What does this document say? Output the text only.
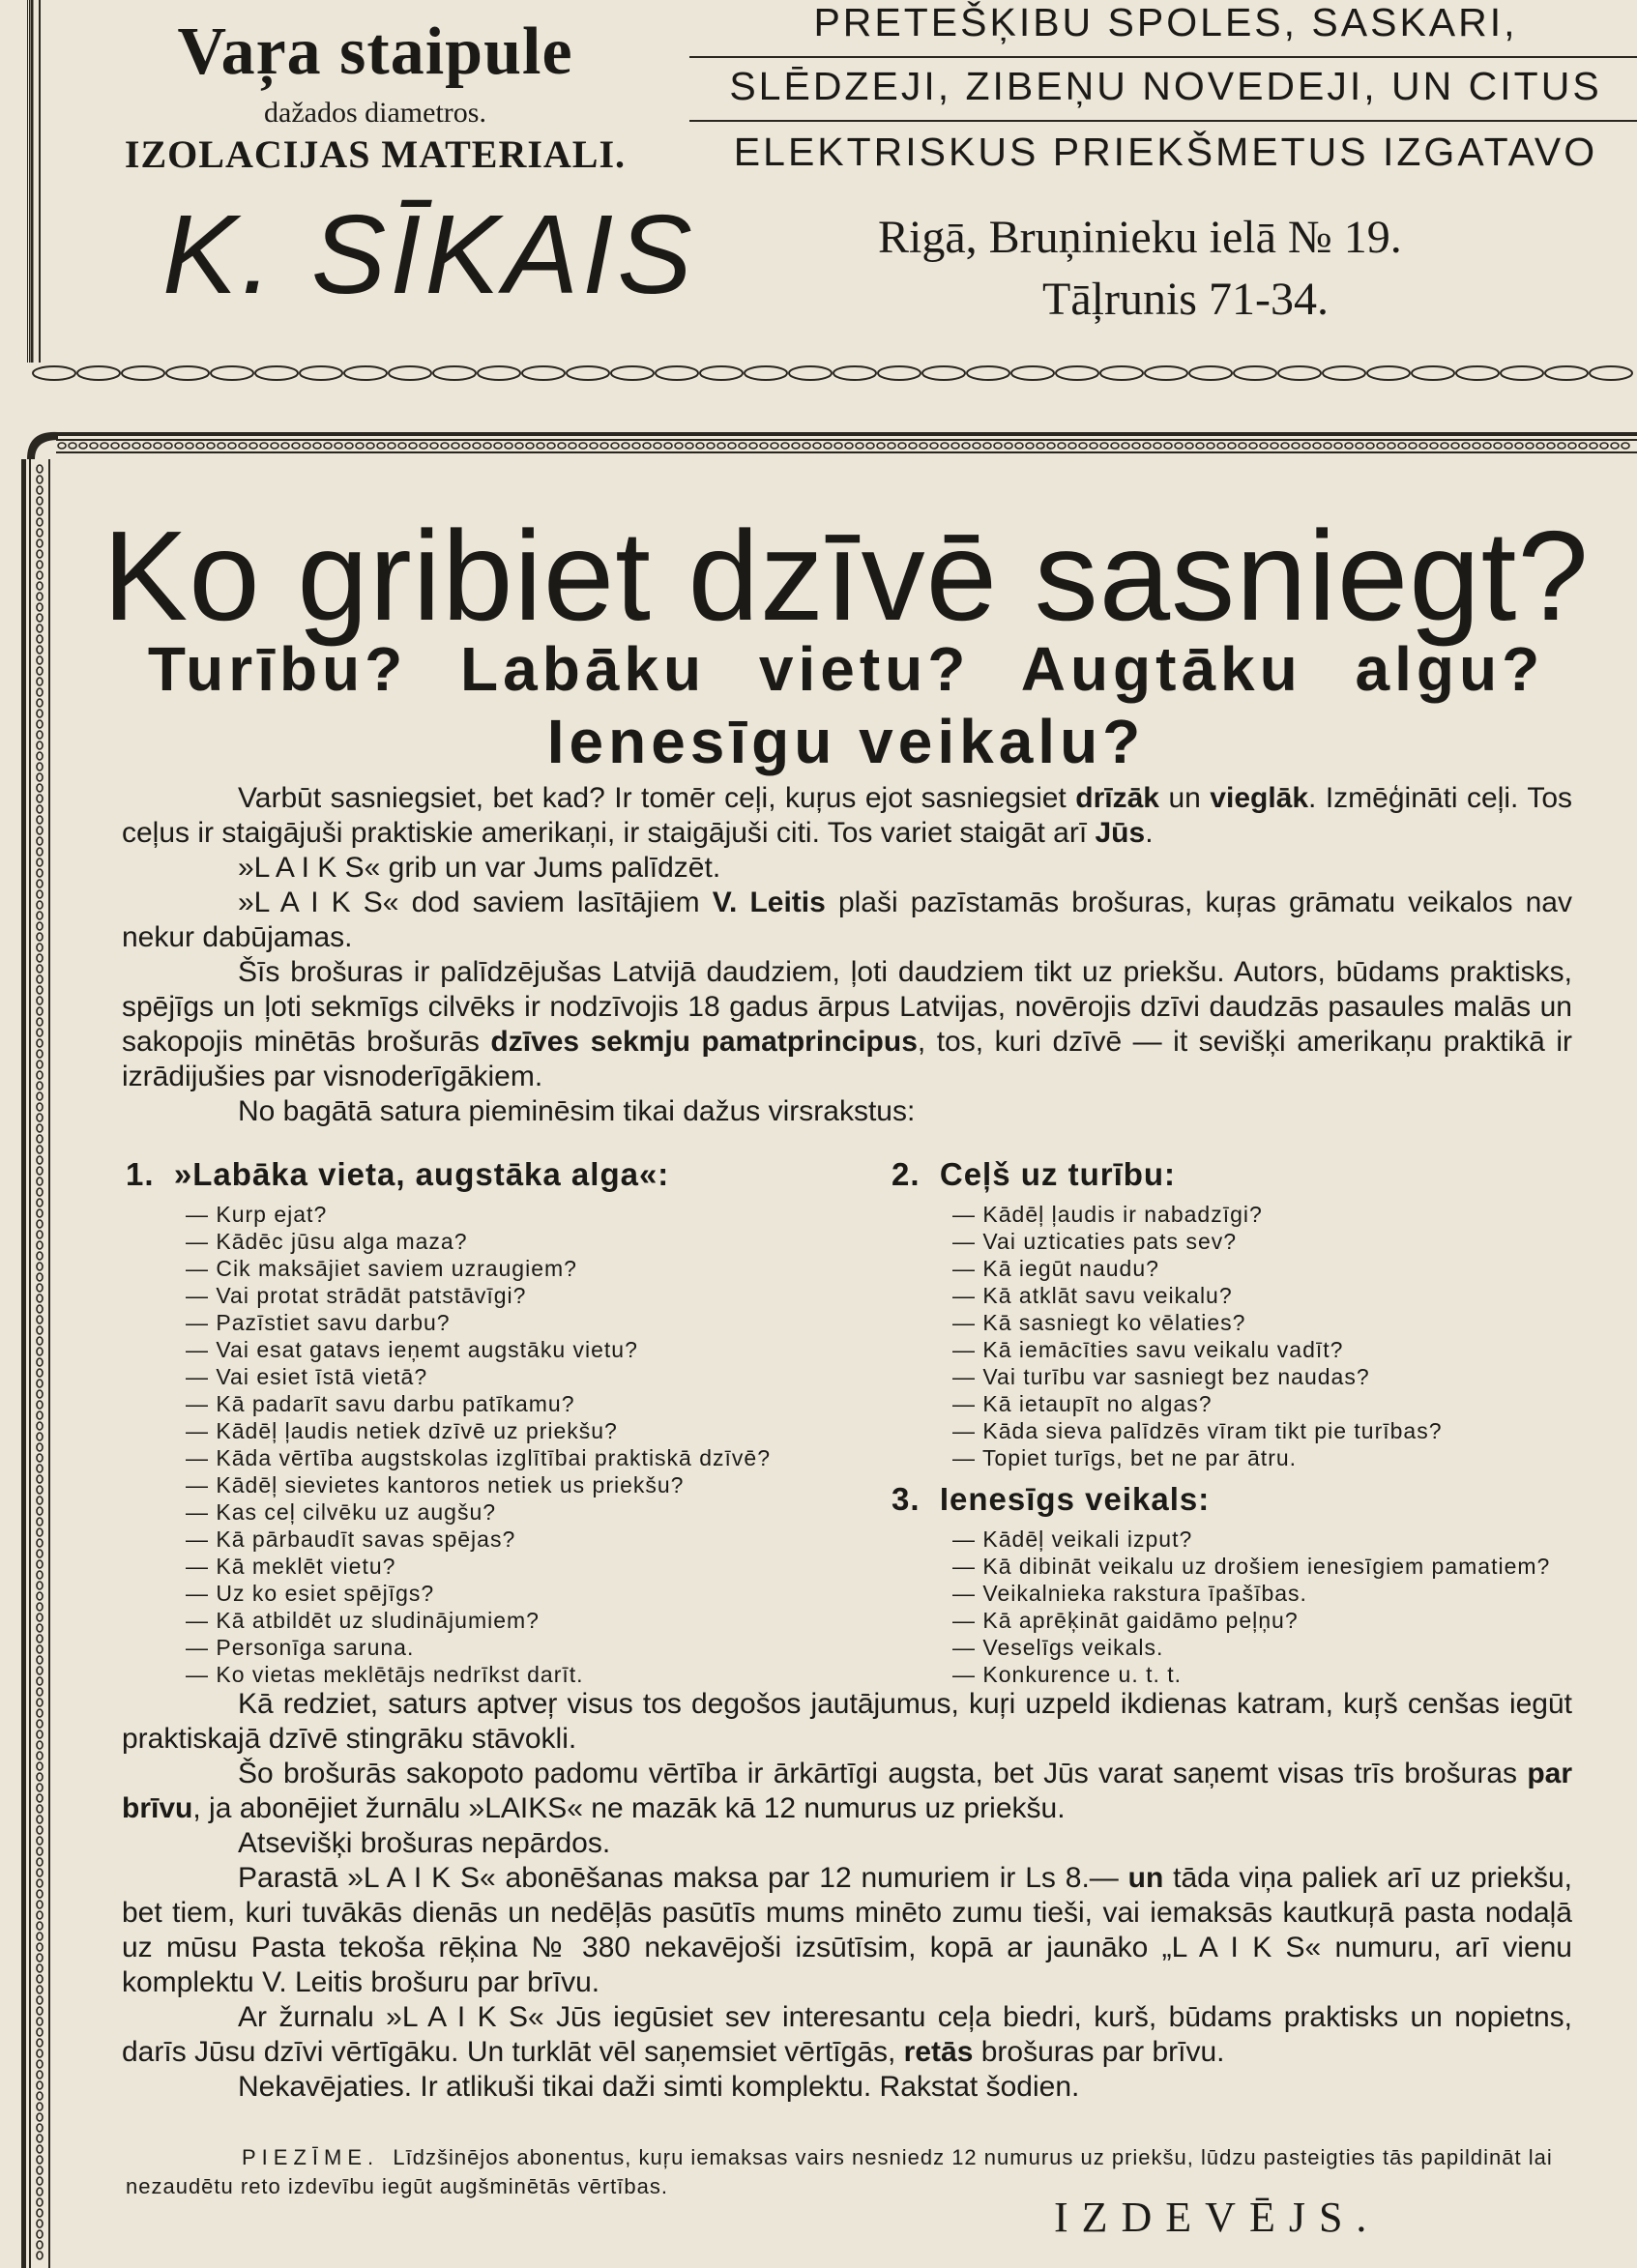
Vaŗa staipule
dažados diametros.
IZOLACIJAS MATERIALI.
PRETEŠĶIBU SPOLES, SASKARI,
SLĒDZEJI, ZIBEŅU NOVEDEJI, UN CITUS
ELEKTRISKUS PRIEKŠMETUS IZGATAVO
K. SĪKAIS	Rigā, Bruņinieku ielā № 19.
Tāļrunis 71-34.
Ko gribiet dzīvē sasniegt?
Turību? Labāku vietu? Augtāku algu?
Ienesīgu veikalu?

Varbūt sasniegsiet, bet kad? Ir tomēr ceļi, kuŗus ejot sasniegsiet drīzāk un vieglāk. Izmēģināti ceļi. Tos ceļus ir staigājuši praktiskie amerikaņi, ir staigājuši citi. Tos variet staigāt arī Jūs.

»L A I K S« grib un var Jums palīdzēt.

»L A I K S« dod saviem lasītājiem V. Leitis plaši pazīstamās brošuras, kuŗas grāmatu veikalos nav nekur dabūjamas.

Šīs brošuras ir palīdzējušas Latvijā daudziem, ļoti daudziem tikt uz priekšu. Autors, būdams praktisks, spējīgs un ļoti sekmīgs cilvēks ir nodzīvojis 18 gadus ārpus Latvijas, novērojis dzīvi daudzās pasaules malās un sakopojis minētās brošurās dzīves sekmju pamatprincipus, tos, kuri dzīvē — it sevišķi amerikaņu praktikā ir izrādijušies par visnoderīgākiem.

No bagātā satura pieminēsim tikai dažus virsrakstus:

1. »Labāka vieta, augstāka alga«:
— Kurp ejat?
— Kādēc jūsu alga maza?
— Cik maksājiet saviem uzraugiem?
— Vai protat strādāt patstāvīgi?
— Pazīstiet savu darbu?
— Vai esat gatavs ieņemt augstāku vietu?
— Vai esiet īstā vietā?
— Kā padarīt savu darbu patīkamu?
— Kādēļ ļaudis netiek dzīvē uz priekšu?
— Kāda vērtība augstskolas izglītībai praktiskā dzīvē?
— Kādēļ sievietes kantoros netiek us priekšu?
— Kas ceļ cilvēku uz augšu?
— Kā pārbaudīt savas spējas?
— Kā meklēt vietu?
— Uz ko esiet spējīgs?
— Kā atbildēt uz sludinājumiem?
— Personīga saruna.
— Ko vietas meklētājs nedrīkst darīt.
2. Ceļš uz turību:
— Kādēļ ļaudis ir nabadzīgi?
— Vai uzticaties pats sev?
— Kā iegūt naudu?
— Kā atklāt savu veikalu?
— Kā sasniegt ko vēlaties?
— Kā iemācīties savu veikalu vadīt?
— Vai turību var sasniegt bez naudas?
— Kā ietaupīt no algas?
— Kāda sieva palīdzēs vīram tikt pie turības?
— Topiet turīgs, bet ne par ātru.
3. Ienesīgs veikals:
— Kādēļ veikali izput?
— Kā dibināt veikalu uz drošiem ienesīgiem pamatiem?
— Veikalnieka rakstura īpašības.
— Kā aprēķināt gaidāmo peļņu?
— Veselīgs veikals.
— Konkurence u. t. t.

Kā redziet, saturs aptveŗ visus tos degošos jautājumus, kuŗi uzpeld ikdienas katram, kuŗš cenšas iegūt praktiskajā dzīvē stingrāku stāvokli.

Šo brošurās sakopoto padomu vērtība ir ārkārtīgi augsta, bet Jūs varat saņemt visas trīs brošuras par brīvu, ja abonējiet žurnālu »LAIKS« ne mazāk kā 12 numurus uz priekšu.

Atsevišķi brošuras nepārdos.

Parastā »L A I K S« abonēšanas maksa par 12 numuriem ir Ls 8.— un tāda viņa paliek arī uz priekšu, bet tiem, kuri tuvākās dienās un nedēļās pasūtīs mums minēto zumu tieši, vai iemaksās kautkuŗā pasta nodaļā uz mūsu Pasta tekoša rēķina № 380 nekavējoši izsūtīsim, kopā ar jaunāko „L A I K S« numuru, arī vienu komplektu V. Leitis brošuru par brīvu.

Ar žurnalu »L A I K S« Jūs iegūsiet sev interesantu ceļa biedri, kurš, būdams praktisks un nopietns, darīs Jūsu dzīvi vērtīgāku. Un turklāt vēl saņemsiet vērtīgās, retās brošuras par brīvu.

Nekavējaties. Ir atlikuši tikai daži simti komplektu. Rakstat šodien.

PIEZĪME. Līdzšinējos abonentus, kuŗu iemaksas vairs nesniedz 12 numurus uz priekšu, lūdzu pasteigties tās papildināt lai nezaudētu reto izdevību iegūt augšminētās vērtības.
IZDEVĒJS.
